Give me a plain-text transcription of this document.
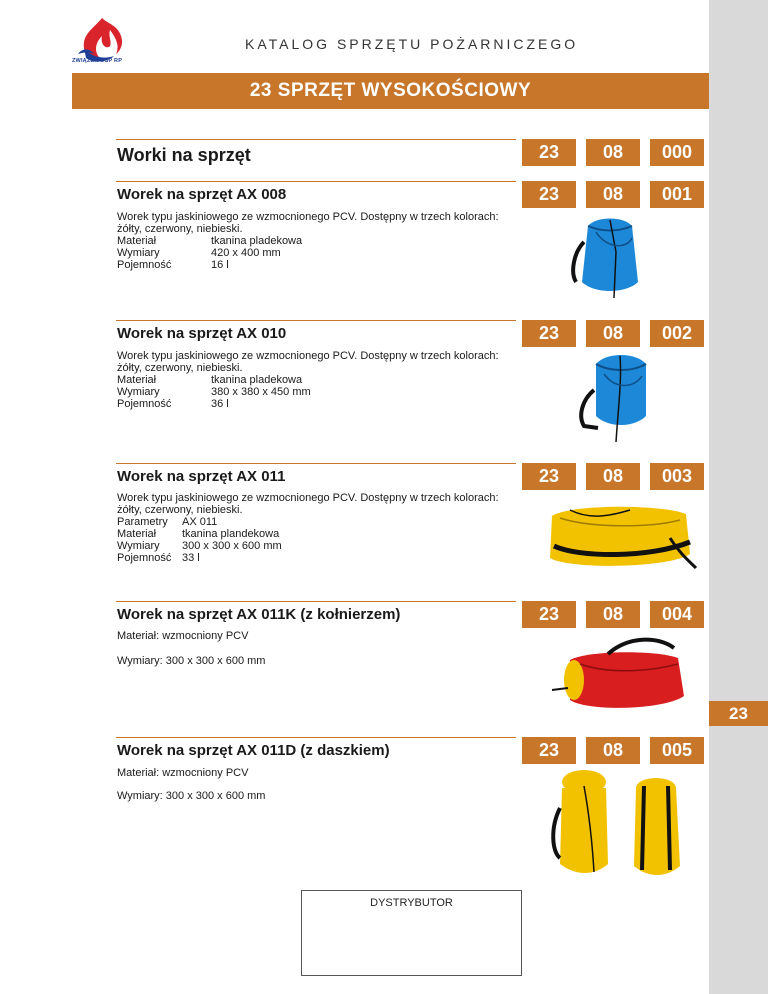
23
ZWIĄZEK OSP RP
KATALOG SPRZĘTU POŻARNICZEGO
23 SPRZĘT WYSOKOŚCIOWY
Worki na sprzęt	23	08	000
Worek na sprzęt AX 008	23	08	001
Worek typu jaskiniowego ze wzmocnionego PCV. Dostępny w trzech kolorach:
żółty, czerwony, niebieski.
Materiał	tkanina pladekowa
Wymiary	420 x 400 mm
Pojemność	16 l
Worek na sprzęt AX 010	23	08	002
Worek typu jaskiniowego ze wzmocnionego PCV. Dostępny w trzech kolorach:
żółty, czerwony, niebieski.
Materiał	tkanina pladekowa
Wymiary	380 x 380 x 450 mm
Pojemność	36 l
Worek na sprzęt AX 011	23	08	003
Worek typu jaskiniowego ze wzmocnionego PCV. Dostępny w trzech kolorach:
żółty, czerwony, niebieski.
Parametry	AX 011
Materiał	tkanina plandekowa
Wymiary	300 x 300 x 600 mm
Pojemność 33 l
Worek na sprzęt AX 011K (z kołnierzem)	23	08	004
Materiał: wzmocniony PCV
Wymiary: 300 x 300 x 600 mm
Worek na sprzęt AX 011D (z daszkiem)	23	08	005
Materiał: wzmocniony PCV
Wymiary: 300 x 300 x 600 mm
DYSTRYBUTOR
